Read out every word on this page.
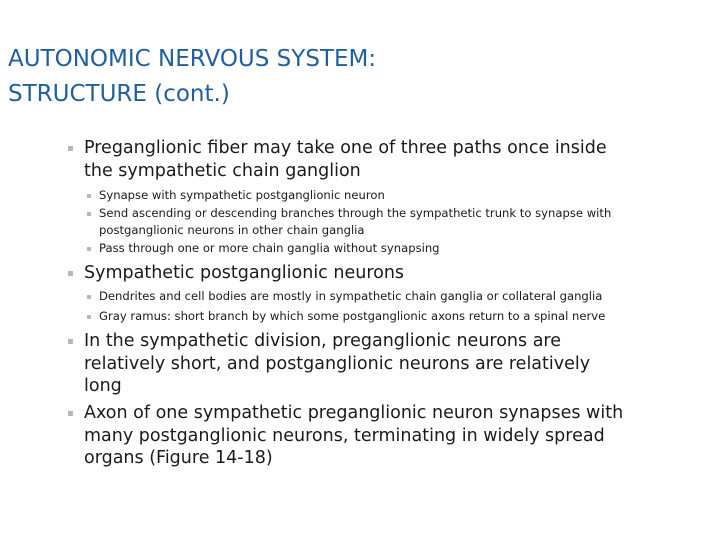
AUTONOMIC NERVOUS SYSTEM:
STRUCTURE (cont.)
Preganglionic fiber may take one of three paths once inside
the sympathetic chain ganglion
Synapse with sympathetic postganglionic neuron
Send ascending or descending branches through the sympathetic trunk to synapse with
postganglionic neurons in other chain ganglia
Pass through one or more chain ganglia without synapsing
Sympathetic postganglionic neurons
Dendrites and cell bodies are mostly in sympathetic chain ganglia or collateral ganglia
Gray ramus: short branch by which some postganglionic axons return to a spinal nerve
In the sympathetic division, preganglionic neurons are
relatively short, and postganglionic neurons are relatively
long
Axon of one sympathetic preganglionic neuron synapses with
many postganglionic neurons, terminating in widely spread
organs (Figure 14-18)
